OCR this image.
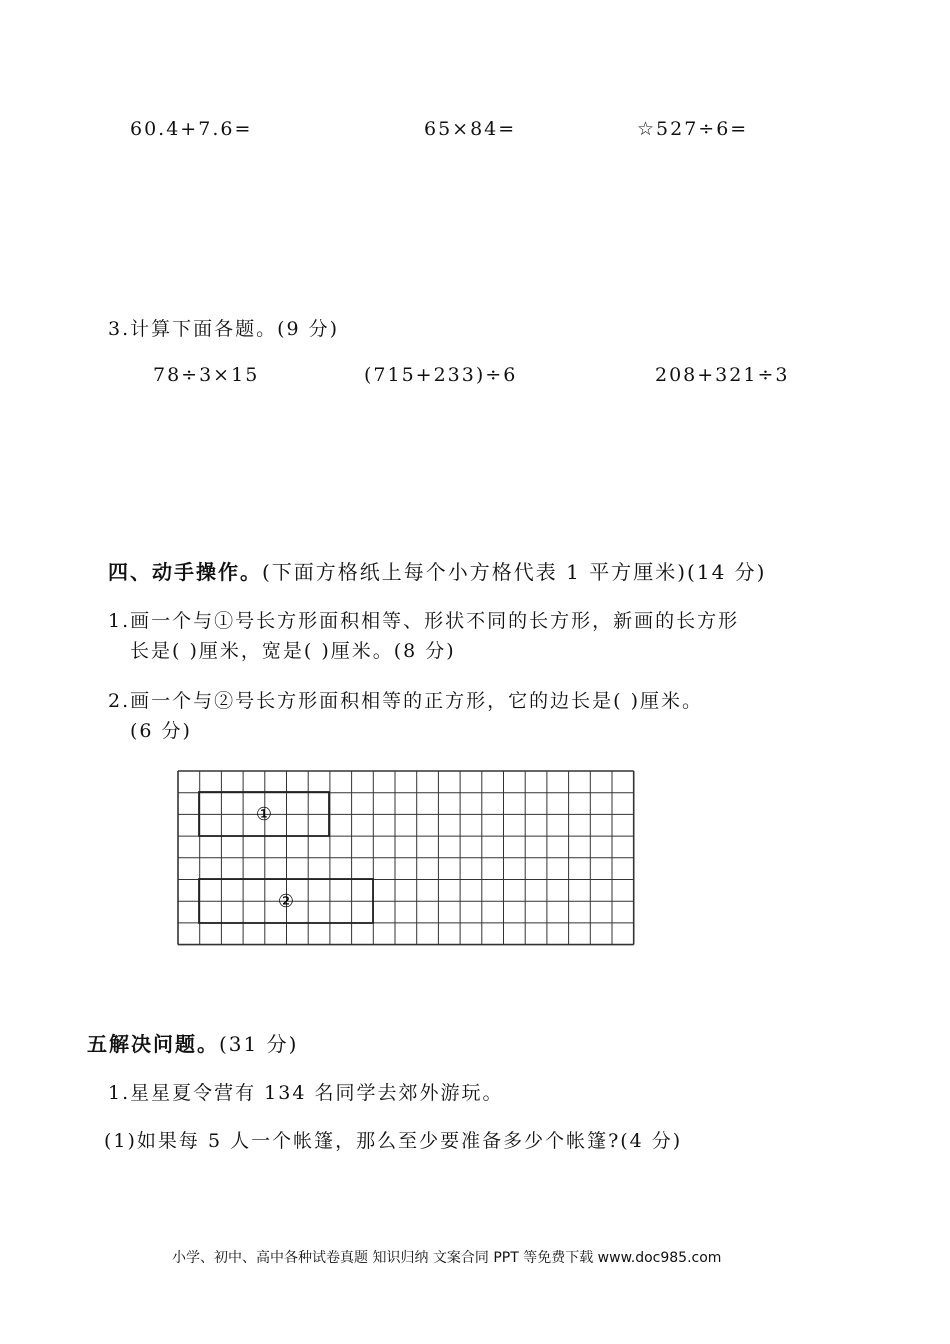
60.4+7.6=	65×84=	☆527÷6=
3.计算下面各题。(9 分)
78÷3×15	(715+233)÷6	208+321÷3
四、动手操作。(下面方格纸上每个小方格代表 1 平方厘米)(14 分)
1.画一个与①号长方形面积相等、形状不同的长方形，新画的长方形
长是( )厘米，宽是( )厘米。(8 分)
2.画一个与②号长方形面积相等的正方形，它的边长是( )厘米。
(6 分)
①
②
五解决问题。(31 分)
1.星星夏令营有 134 名同学去郊外游玩。
(1)如果每 5 人一个帐篷，那么至少要准备多少个帐篷?(4 分)
小学、初中、高中各种试卷真题 知识归纳 文案合同 PPT 等免费下载 www.doc985.com
